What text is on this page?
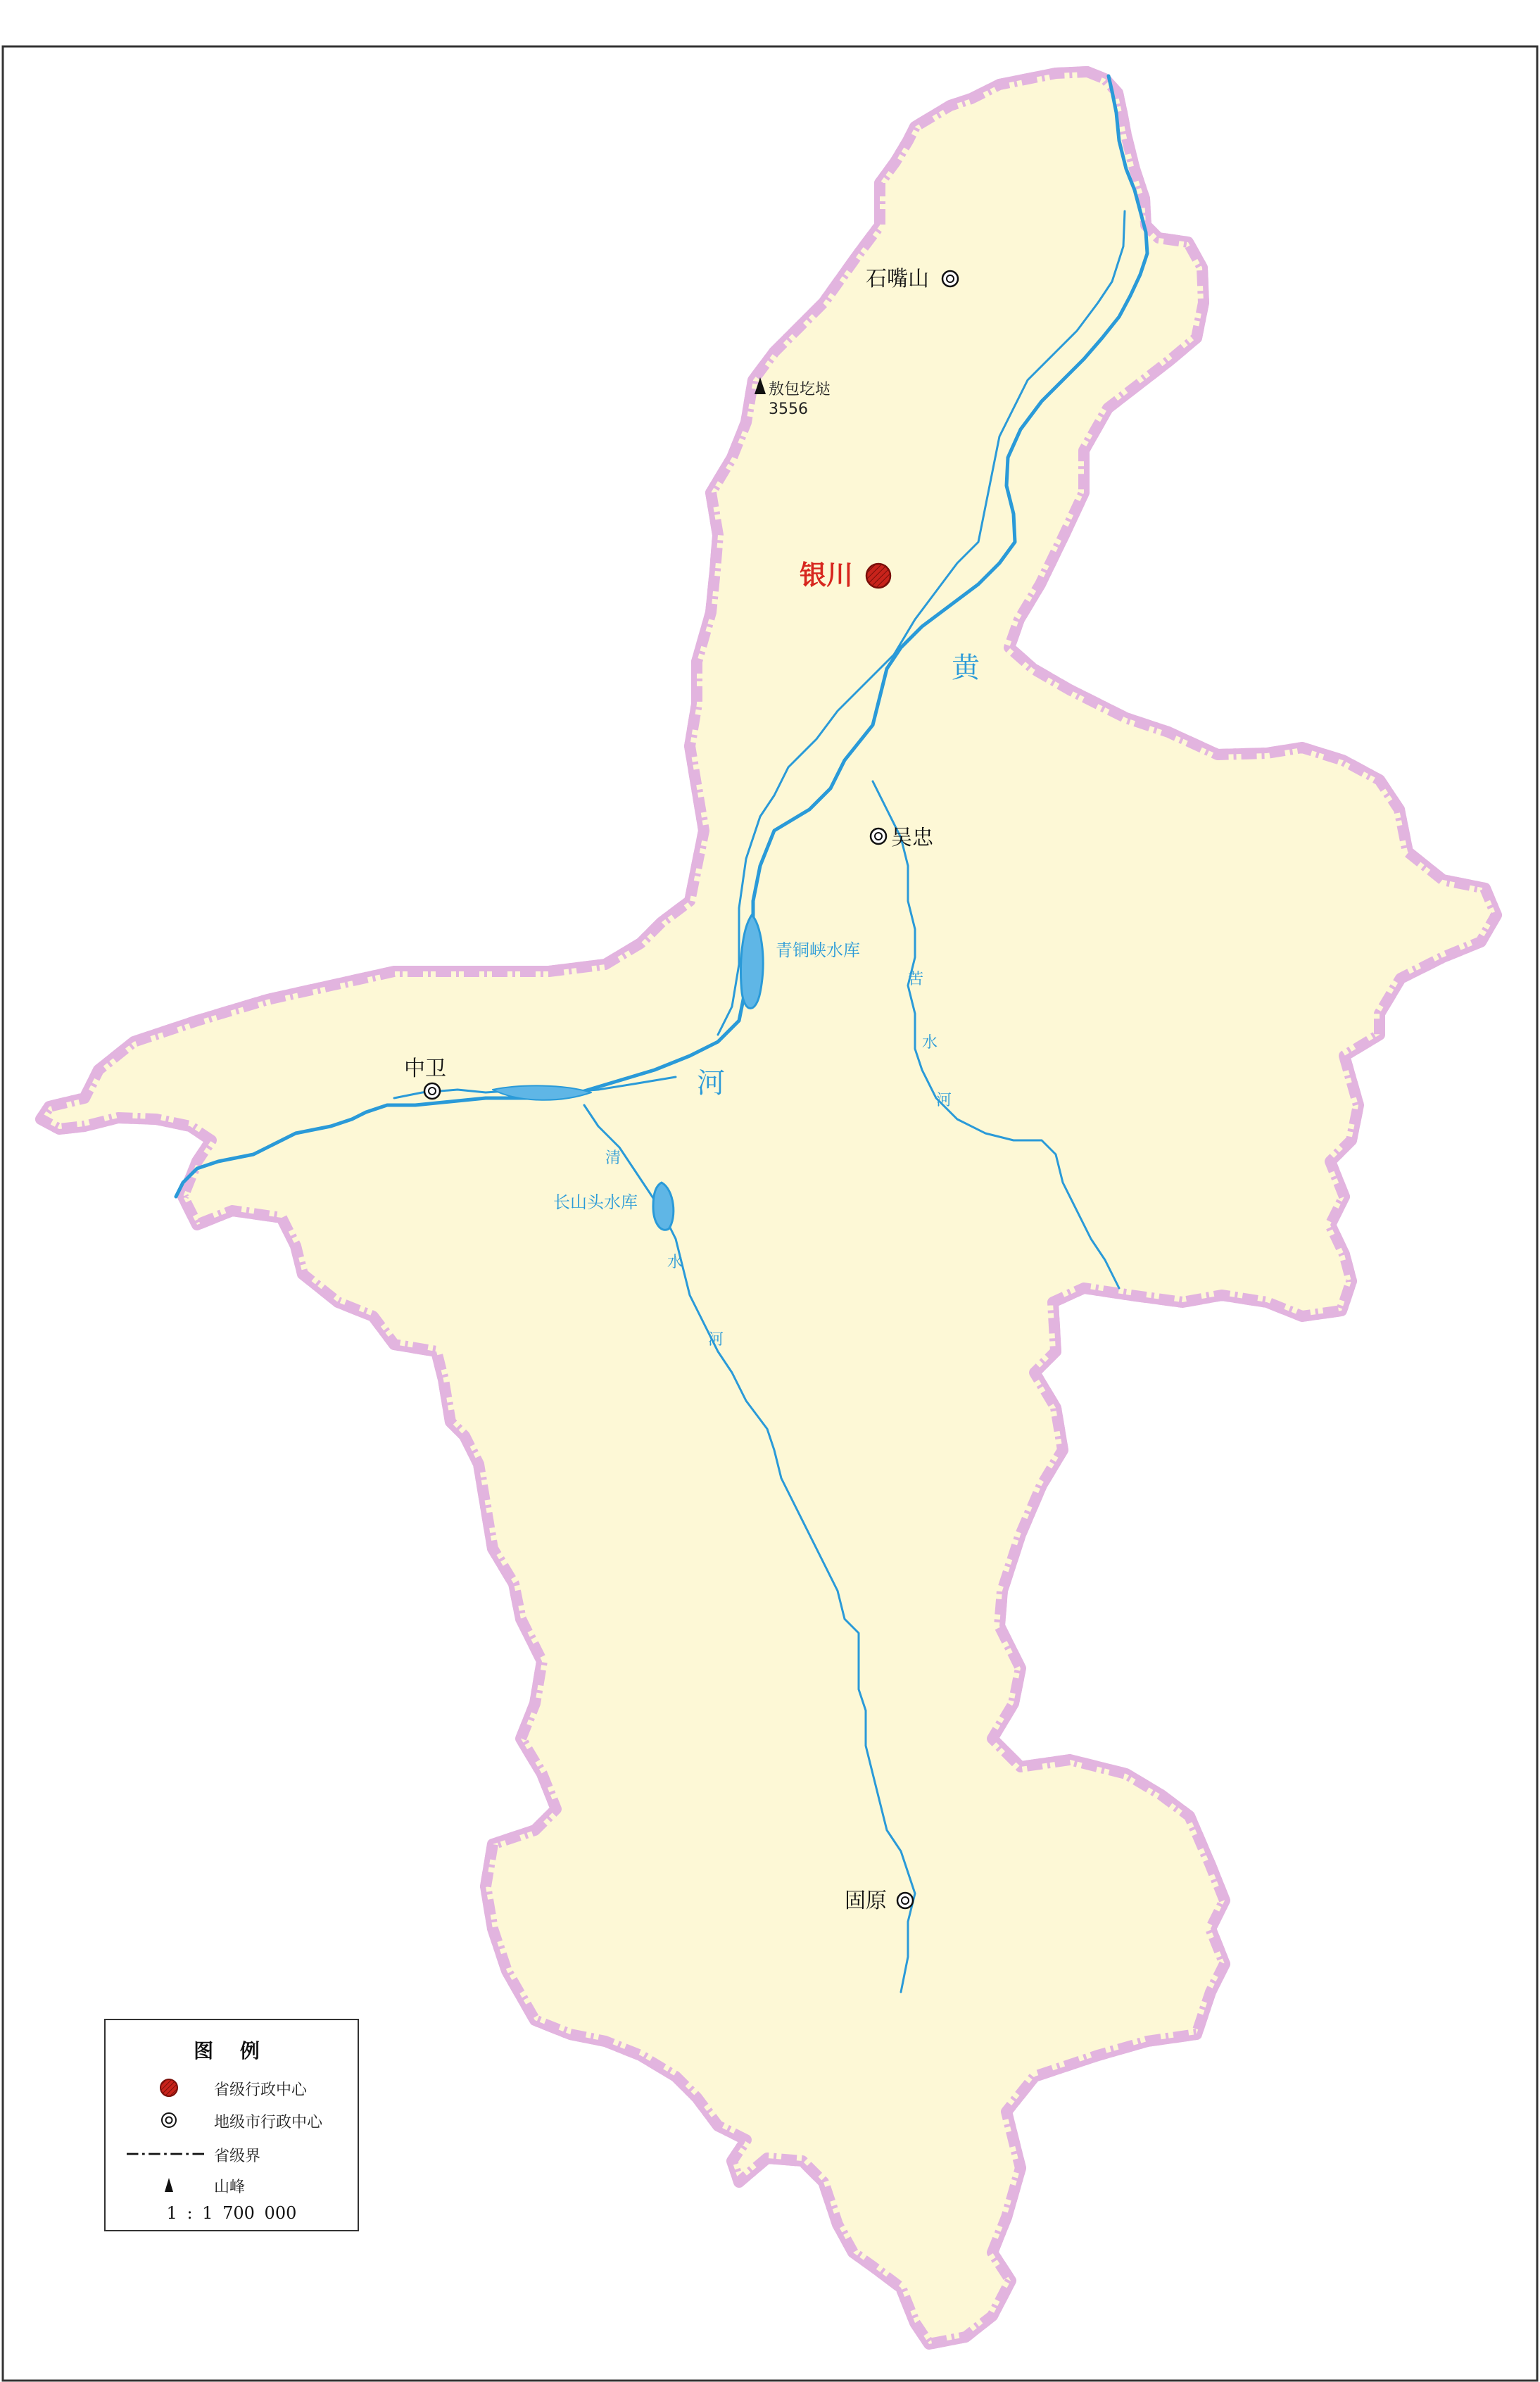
黄
河
苦
水
河
清
水
河
青铜峡水库
长山头水库
石嘴山
银川
吴忠
中卫
固原
敖包圪垯
3556
图 例
省级行政中心
地级市行政中心
省级界
山峰
1 : 1 700 000
